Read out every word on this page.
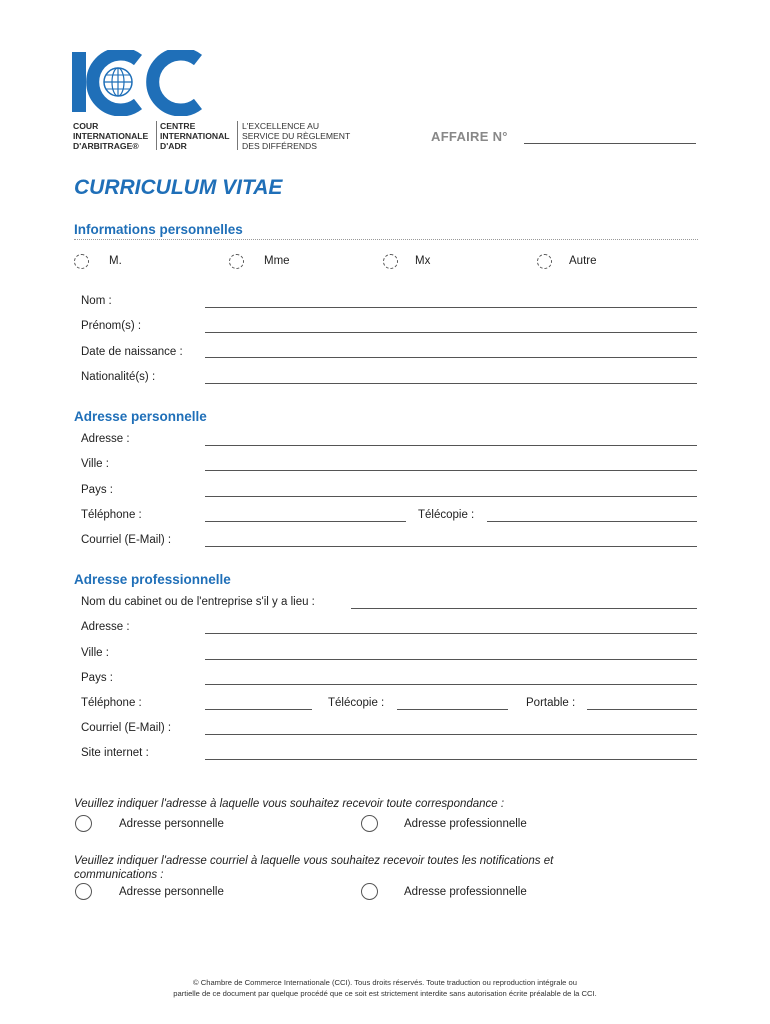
COUR
INTERNATIONALE
D'ARBITRAGE®
CENTRE
INTERNATIONAL
D'ADR
L'EXCELLENCE AU
SERVICE DU RÈGLEMENT
DES DIFFÉRENDS
AFFAIRE N°
CURRICULUM VITAE
Informations personnelles
M.	Mme	Mx	Autre
Nom :
Prénom(s) :
Date de naissance :
Nationalité(s) :
Adresse personnelle
Adresse :
Ville :
Pays :
Téléphone :	Télécopie :
Courriel (E-Mail) :
Adresse professionnelle
Nom du cabinet ou de l'entreprise s'il y a lieu :
Adresse :
Ville :
Pays :
Téléphone :	Télécopie :	Portable :
Courriel (E-Mail) :
Site internet :
Veuillez indiquer l'adresse à laquelle vous souhaitez recevoir toute correspondance :
Adresse personnelle	Adresse professionnelle
Veuillez indiquer l'adresse courriel à laquelle vous souhaitez recevoir toutes les notifications et communications :
Adresse personnelle	Adresse professionnelle
© Chambre de Commerce Internationale (CCI). Tous droits réservés. Toute traduction ou reproduction intégrale ou
partielle de ce document par quelque procédé que ce soit est strictement interdite sans autorisation écrite préalable de la CCI.
